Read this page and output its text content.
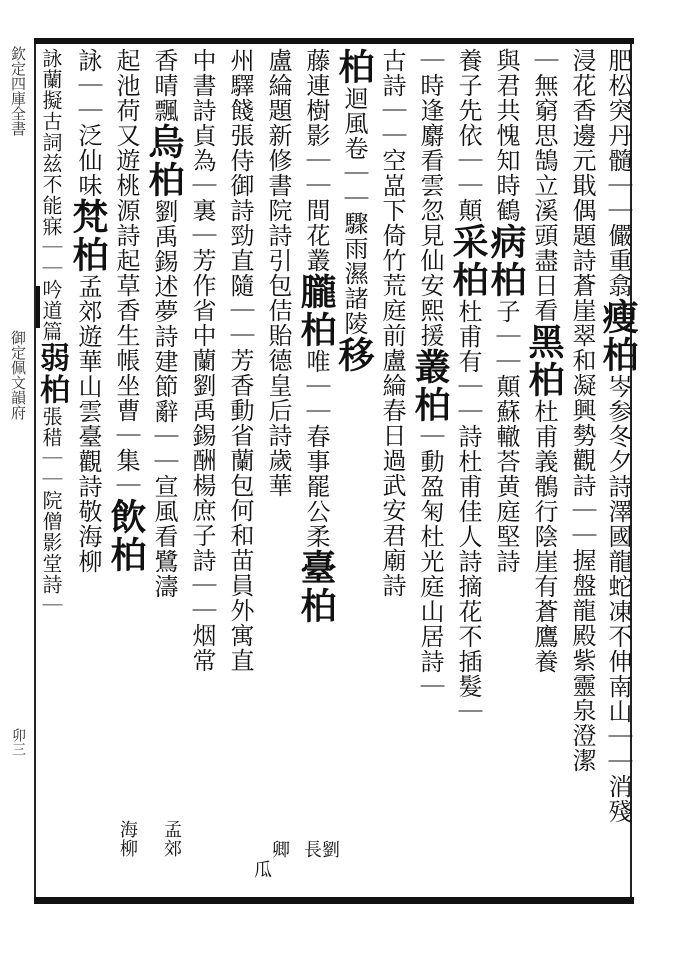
欽定四庫全書
御定佩文韻府
卯三
肥松突丹髓｜｜儼重翕瘦柏岑参冬夕詩澤國龍蛇凍不伸南山｜｜消殘
浸花香邊元戢偶題詩蒼崖翠和凝興勢觀詩｜｜握盤龍殿紫靈泉澄潔
｜無窮思鵠立溪頭盡日看黑柏杜甫義鶻行陰崖有蒼鷹養
與君共愧知時鶴病柏子｜｜顛蘇轍荅黄庭堅詩
養子先依｜｜顛采柏杜甫有｜｜詩杜甫佳人詩摘花不插髮｜
｜時逢麝看雲忽見仙安熙援叢柏｜動盈匊杜光庭山居詩｜
古詩｜｜空嵓下倚竹荒庭前盧綸春日過武安君廟詩
柏迴風卷｜｜驟雨濕諸陵移
藤連樹影｜｜間花叢朧柏唯｜｜春事罷公柔臺柏
盧綸題新修書院詩引包佶貽德皇后詩歲華
州驛餞張侍御詩勁直隨｜｜芳香動省蘭包何和苗員外寓直
中書詩貞為｜裏｜芳作省中蘭劉禹錫酬楊庶子詩｜｜烟常
香晴飄烏柏劉禹錫述夢詩建節辭｜｜宣風看鷺濤
起池荷又遊桃源詩起草香生帳坐曹｜集｜飲柏
詠｜｜泛仙味梵柏孟郊遊華山雲臺觀詩敬海柳
詠蘭擬古詞兹不能寐｜｜吟道篇弱柏張稓｜｜院僧影堂詩｜
長
劉
卿
瓜
孟郊
海柳
